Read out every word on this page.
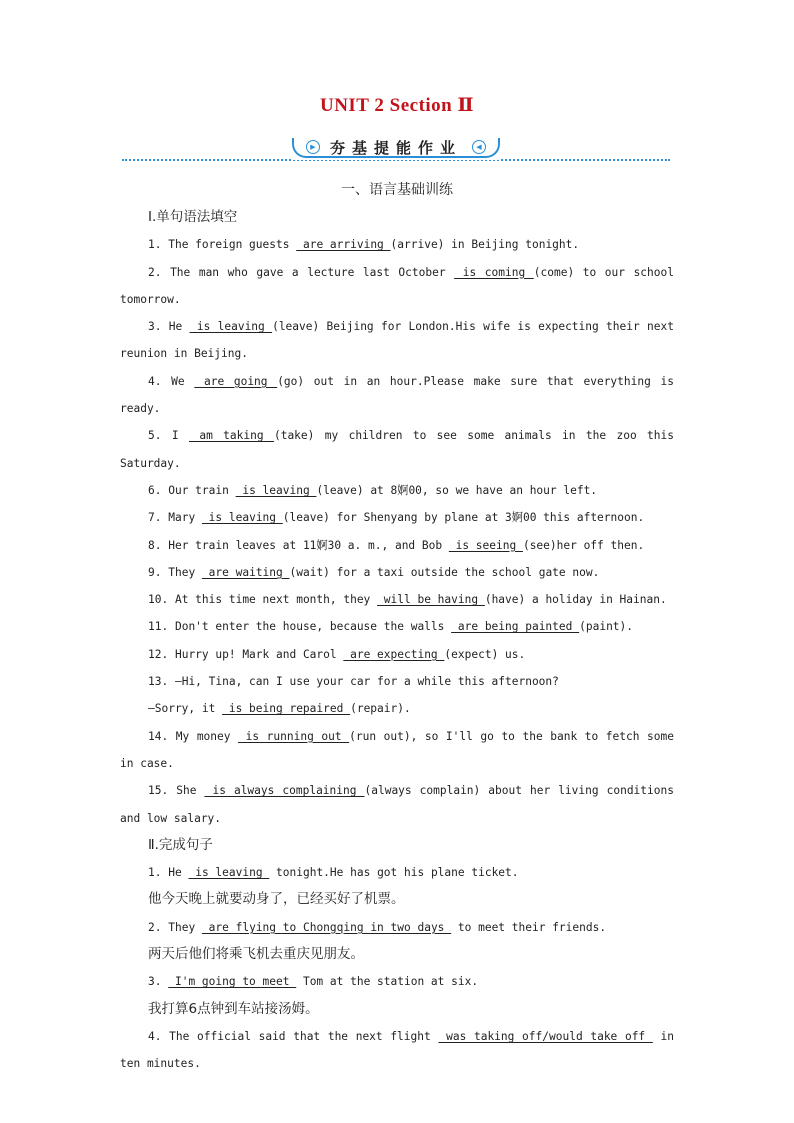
UNIT 2 Section Ⅱ
▶ 夯基提能作业	◀
一、语言基础训练

Ⅰ.单句语法填空

1. The foreign guests  are arriving (arrive) in Beijing tonight.

2. The man who gave a lecture last October  is coming (come) to our school tomorrow.

3. He  is leaving (leave) Beijing for London.His wife is expecting their next reunion in Beijing.

4. We  are going (go) out in an hour.Please make sure that everything is ready.

5. I  am taking (take) my children to see some animals in the zoo this Saturday.

6. Our train  is leaving (leave) at 8婀00, so we have an hour left.

7. Mary  is leaving (leave) for Shenyang by plane at 3婀00 this afternoon.

8. Her train leaves at 11婀30 a. m., and Bob  is seeing (see)her off then.

9. They  are waiting (wait) for a taxi outside the school gate now.

10. At this time next month, they  will be having (have) a holiday in Hainan.

11. Don't enter the house, because the walls  are being painted (paint).

12. Hurry up! Mark and Carol  are expecting (expect) us.

13. —Hi, Tina, can I use your car for a while this afternoon?

—Sorry, it  is being repaired (repair).

14. My money  is running out (run out), so I'll go to the bank to fetch some in case.

15. She  is always complaining (always complain) about her living conditions and low salary.

Ⅱ.完成句子

1. He  is leaving  tonight.He has got his plane ticket.

他今天晚上就要动身了，已经买好了机票。

2. They  are flying to Chongqing in two days  to meet their friends.

两天后他们将乘飞机去重庆见朋友。

3.  I'm going to meet  Tom at the station at six.

我打算6点钟到车站接汤姆。

4. The official said that the next flight  was taking off/would take off  in ten minutes.
